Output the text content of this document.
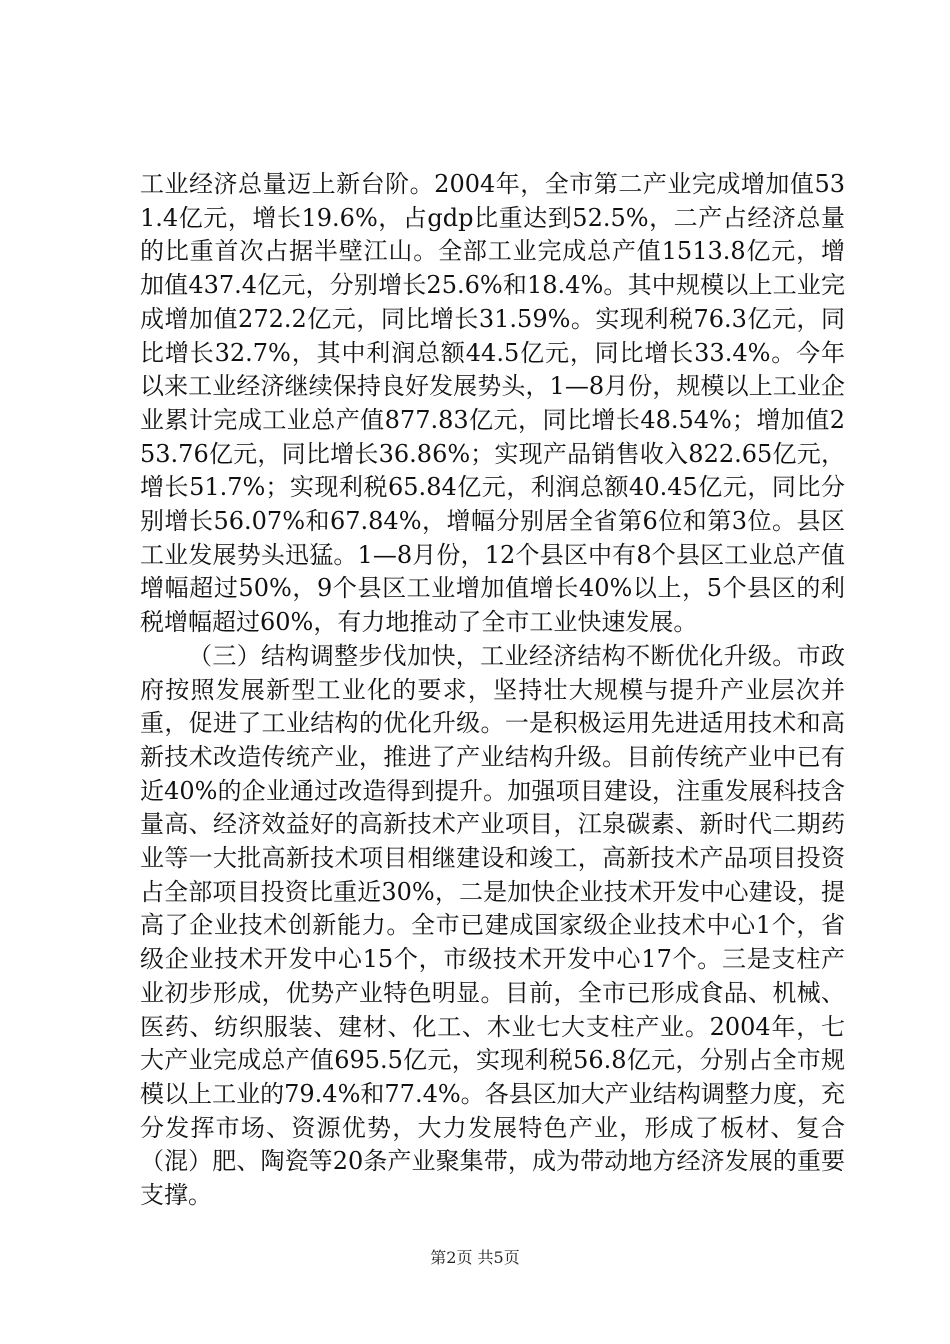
工业经济总量迈上新台阶。2004年，全市第二产业完成增加值531.4亿元，增长19.6%，占gdp比重达到52.5%，二产占经济总量的比重首次占据半壁江山。全部工业完成总产值1513.8亿元，增加值437.4亿元，分别增长25.6%和18.4%。其中规模以上工业完成增加值272.2亿元，同比增长31.59%。实现利税76.3亿元，同比增长32.7%，其中利润总额44.5亿元，同比增长33.4%。今年以来工业经济继续保持良好发展势头，1—8月份，规模以上工业企业累计完成工业总产值877.83亿元，同比增长48.54%；增加值253.76亿元，同比增长36.86%；实现产品销售收入822.65亿元，增长51.7%；实现利税65.84亿元，利润总额40.45亿元，同比分别增长56.07%和67.84%，增幅分别居全省第6位和第3位。县区工业发展势头迅猛。1—8月份，12个县区中有8个县区工业总产值增幅超过50%，9个县区工业增加值增长40%以上，5个县区的利税增幅超过60%，有力地推动了全市工业快速发展。

（三）结构调整步伐加快，工业经济结构不断优化升级。市政府按照发展新型工业化的要求，坚持壮大规模与提升产业层次并重，促进了工业结构的优化升级。一是积极运用先进适用技术和高新技术改造传统产业，推进了产业结构升级。目前传统产业中已有近40%的企业通过改造得到提升。加强项目建设，注重发展科技含量高、经济效益好的高新技术产业项目，江泉碳素、新时代二期药业等一大批高新技术项目相继建设和竣工，高新技术产品项目投资占全部项目投资比重近30%，二是加快企业技术开发中心建设，提高了企业技术创新能力。全市已建成国家级企业技术中心1个，省级企业技术开发中心15个，市级技术开发中心17个。三是支柱产业初步形成，优势产业特色明显。目前，全市已形成食品、机械、医药、纺织服装、建材、化工、木业七大支柱产业。2004年，七大产业完成总产值695.5亿元，实现利税56.8亿元，分别占全市规模以上工业的79.4%和77.4%。各县区加大产业结构调整力度，充分发挥市场、资源优势，大力发展特色产业，形成了板材、复合（混）肥、陶瓷等20条产业聚集带，成为带动地方经济发展的重要支撑。

第2页 共5页
